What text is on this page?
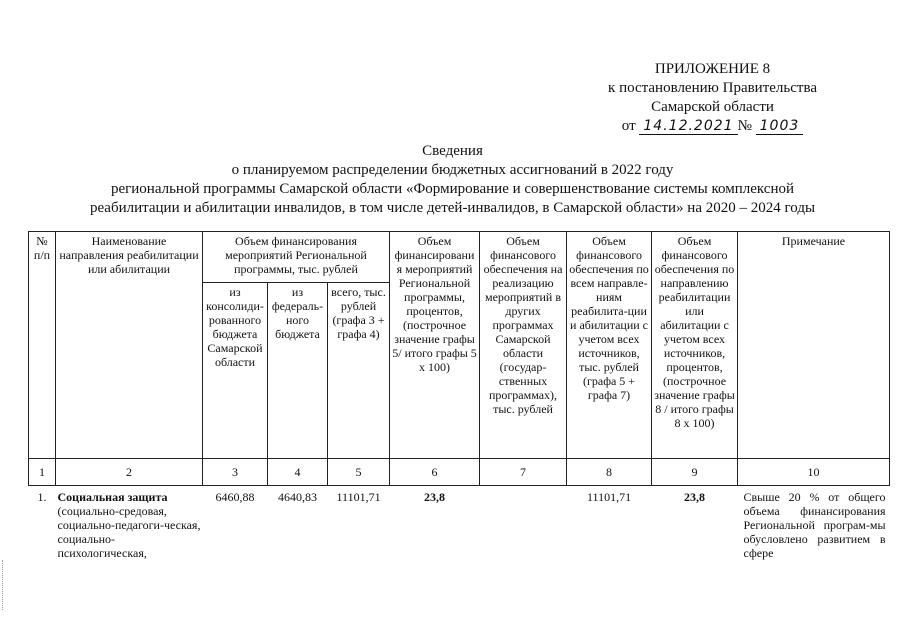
ПРИЛОЖЕНИЕ 8
к постановлению Правительства
Самарской области
от 14.12.2021 № 1003
Сведения
о планируемом распределении бюджетных ассигнований в 2022 году
региональной программы Самарской области «Формирование и совершенствование системы комплексной
реабилитации и абилитации инвалидов, в том числе детей-инвалидов, в Самарской области» на 2020 – 2024 годы
№ п/п	Наименование направления реабилитации или абилитации	Объем финансирования мероприятий Региональной программы, тыс. рублей			Объем финансирования мероприятий Региональной программы, процентов, (построчное значение графы 5/ итого графы 5 х 100)	Объем финансового обеспечения на реализацию мероприятий в других программах Самарской области (государ-ственных программах), тыс. рублей	Объем финансового обеспечения по всем направле-ниям реабилита-ции и абилитации с учетом всех источников, тыс. рублей (графа 5 + графа 7)	Объем финансового обеспечения по направлению реабилитации или абилитации с учетом всех источников, процентов, (построчное значение графы 8 / итого графы 8 х 100)	Примечание
		из консолиди-рованного бюджета Самарской области	из федераль-ного бюджета	всего, тыс. рублей (графа 3 + графа 4)					
1	2	3	4	5	6	7	8	9	10
1.	Социальная защита (социально-средовая, социально-педагоги-ческая, социально-психологическая,	6460,88	4640,83	11101,71	23,8		11101,71	23,8	Свыше 20 % от общего объема финансирования Региональной програм-мы обусловлено развитием в сфере
